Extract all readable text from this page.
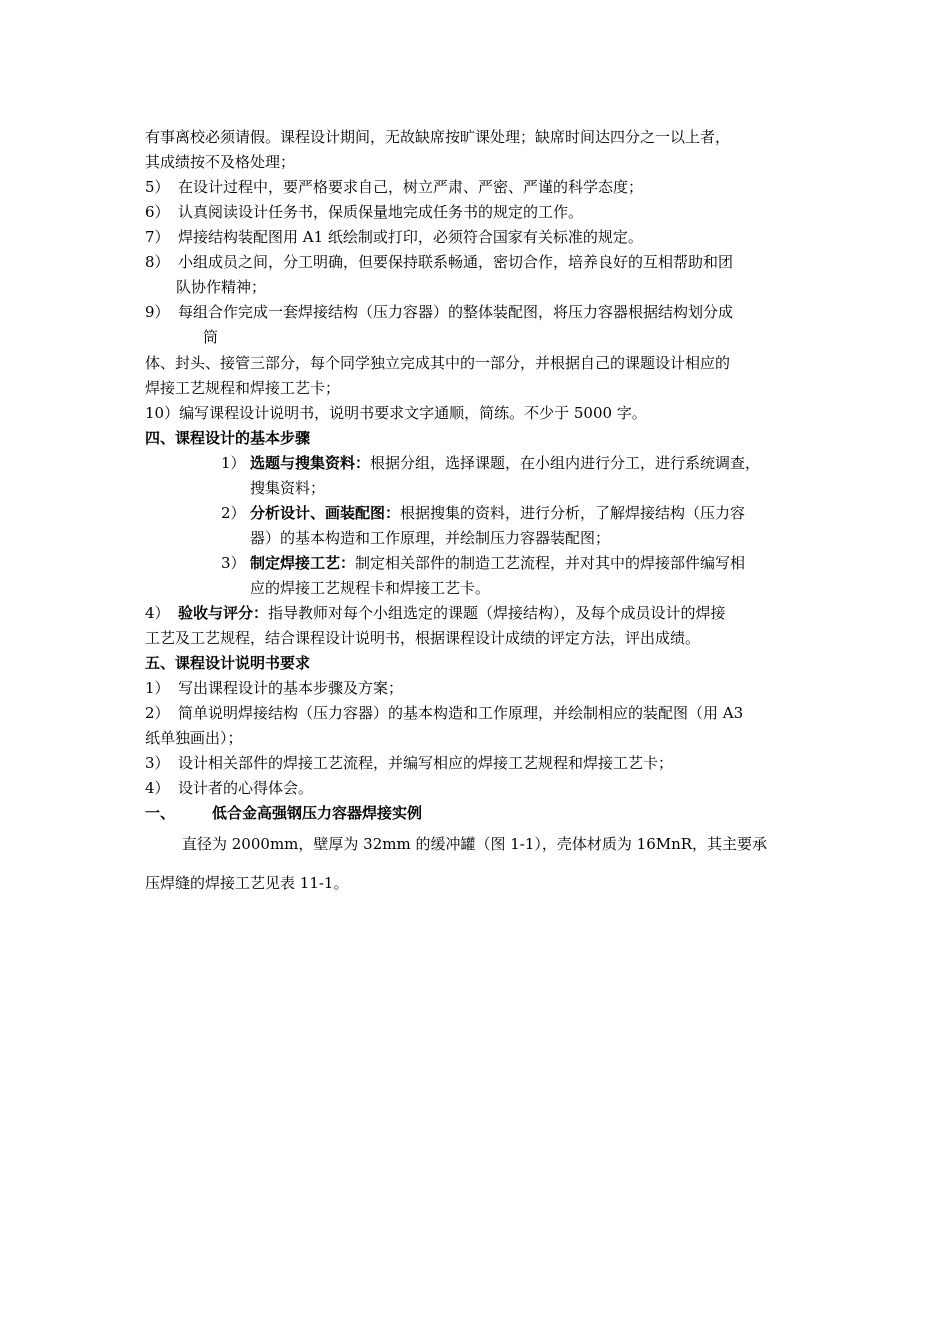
有事离校必须请假。课程设计期间，无故缺席按旷课处理；缺席时间达四分之一以上者，
其成绩按不及格处理；
5） 在设计过程中，要严格要求自己，树立严肃、严密、严谨的科学态度；
6） 认真阅读设计任务书，保质保量地完成任务书的规定的工作。
7） 焊接结构装配图用 A1 纸绘制或打印，必须符合国家有关标准的规定。
8） 小组成员之间，分工明确，但要保持联系畅通，密切合作，培养良好的互相帮助和团
队协作精神；
9） 每组合作完成一套焊接结构（压力容器）的整体装配图，将压力容器根据结构划分成
筒
体、封头、接管三部分，每个同学独立完成其中的一部分，并根据自己的课题设计相应的
焊接工艺规程和焊接工艺卡；
10）编写课程设计说明书，说明书要求文字通顺，简练。不少于 5000 字。
四、课程设计的基本步骤
1） 选题与搜集资料：根据分组，选择课题，在小组内进行分工，进行系统调查，
搜集资料；
2） 分析设计、画装配图：根据搜集的资料，进行分析，了解焊接结构（压力容
器）的基本构造和工作原理，并绘制压力容器装配图；
3） 制定焊接工艺：制定相关部件的制造工艺流程，并对其中的焊接部件编写相
应的焊接工艺规程卡和焊接工艺卡。
4） 验收与评分：指导教师对每个小组选定的课题（焊接结构），及每个成员设计的焊接
工艺及工艺规程，结合课程设计说明书，根据课程设计成绩的评定方法，评出成绩。
五、课程设计说明书要求
1） 写出课程设计的基本步骤及方案；
2） 简单说明焊接结构（压力容器）的基本构造和工作原理，并绘制相应的装配图（用 A3
纸单独画出）；
3） 设计相关部件的焊接工艺流程，并编写相应的焊接工艺规程和焊接工艺卡；
4） 设计者的心得体会。
一、 低合金高强钢压力容器焊接实例
直径为 2000mm，壁厚为 32mm 的缓冲罐（图 1-1），壳体材质为 16MnR，其主要承
压焊缝的焊接工艺见表 11-1。
